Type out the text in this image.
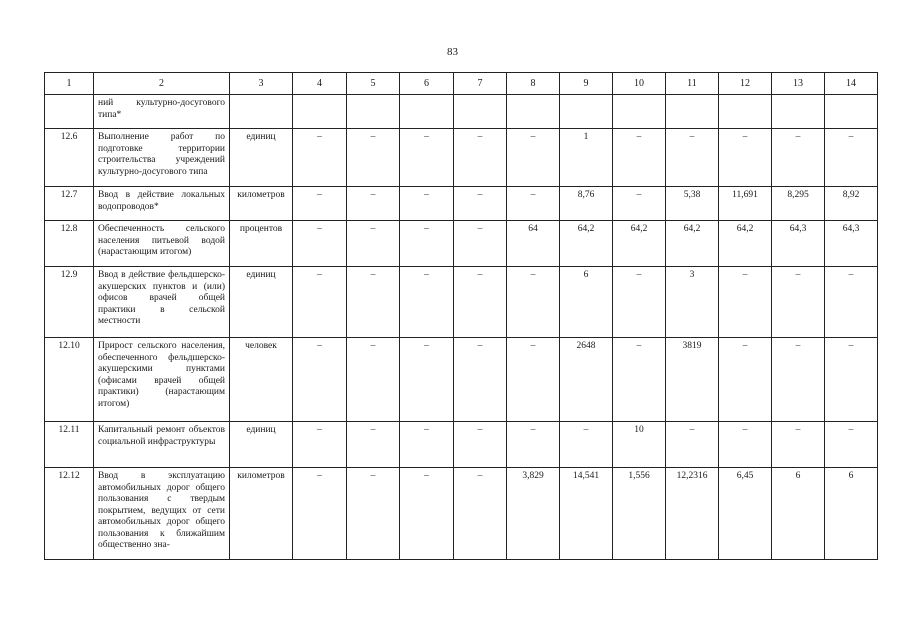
83
1	2	3	4	5	6	7	8	9	10	11	12	13	14
	ний культурно-досугового типа*												
12.6	Выполнение работ по подготовке территории строительства учреждений культурно-досугового типа	единиц	–	–	–	–	–	1	–	–	–	–	–
12.7	Ввод в действие локальных водопроводов*	километров	–	–	–	–	–	8,76	–	5,38	11,691	8,295	8,92
12.8	Обеспеченность сельского населения питьевой водой (нарастающим итогом)	процентов	–	–	–	–	64	64,2	64,2	64,2	64,2	64,3	64,3
12.9	Ввод в действие фельдшерско-акушерских пунктов и (или) офисов врачей общей практики в сельской местности	единиц	–	–	–	–	–	6	–	3	–	–	–
12.10	Прирост сельского населения, обеспеченного фельдшерско-акушерскими пунктами (офисами врачей общей практики) (нарастающим итогом)	человек	–	–	–	–	–	2648	–	3819	–	–	–
12.11	Капитальный ремонт объектов социальной инфраструктуры	единиц	–	–	–	–	–	–	10	–	–	–	–
12.12	Ввод в эксплуатацию автомобильных дорог общего пользования с твердым покрытием, ведущих от сети автомобильных дорог общего пользования к ближайшим общественно зна-	километров	–	–	–	–	3,829	14,541	1,556	12,2316	6,45	6	6
